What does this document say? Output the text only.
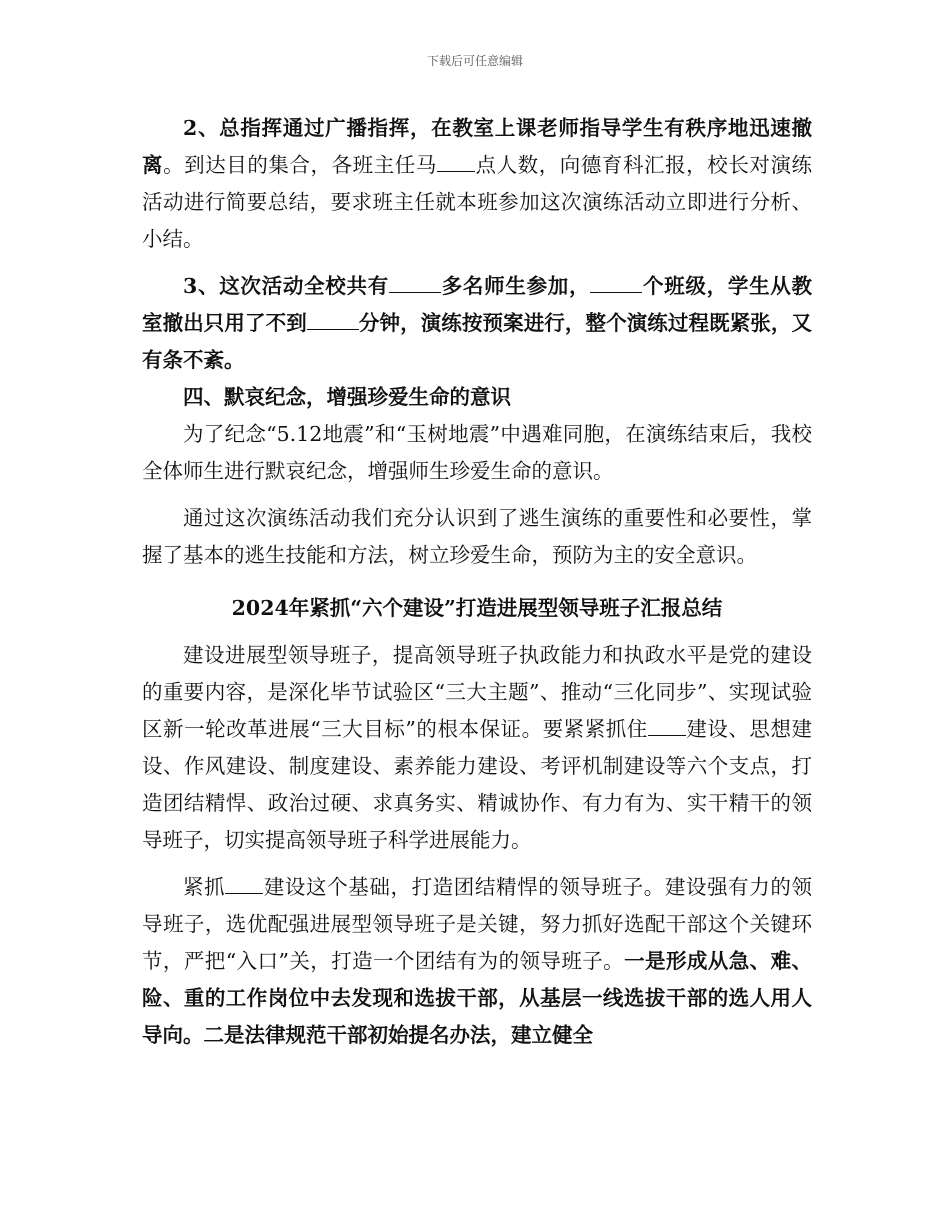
下载后可任意编辑

2、总指挥通过广播指挥，在教室上课老师指导学生有秩序地迅速撤离。到达目的集合，各班主任马 点人数，向德育科汇报，校长对演练活动进行简要总结，要求班主任就本班参加这次演练活动立即进行分析、小结。

3、这次活动全校共有	多名师生参加，	个班级，学生从教室撤出只用了不到	分钟，演练按预案进行，整个演练过程既紧张，又有条不紊。

四、默哀纪念，增强珍爱生命的意识

为了纪念“5.12地震”和“玉树地震”中遇难同胞，在演练结束后，我校全体师生进行默哀纪念，增强师生珍爱生命的意识。

通过这次演练活动我们充分认识到了逃生演练的重要性和必要性，掌握了基本的逃生技能和方法，树立珍爱生命，预防为主的安全意识。

2024年紧抓“六个建设”打造进展型领导班子汇报总结

建设进展型领导班子，提高领导班子执政能力和执政水平是党的建设的重要内容，是深化毕节试验区“三大主题”、推动“三化同步”、实现试验区新一轮改革进展“三大目标”的根本保证。要紧紧抓住 建设、思想建设、作风建设、制度建设、素养能力建设、考评机制建设等六个支点，打造团结精悍、政治过硬、求真务实、精诚协作、有力有为、实干精干的领导班子，切实提高领导班子科学进展能力。

紧抓 建设这个基础，打造团结精悍的领导班子。建设强有力的领导班子，选优配强进展型领导班子是关键，努力抓好选配干部这个关键环节，严把“入口”关，打造一个团结有为的领导班子。一是形成从急、难、险、重的工作岗位中去发现和选拔干部，从基层一线选拔干部的选人用人导向。二是法律规范干部初始提名办法，建立健全
